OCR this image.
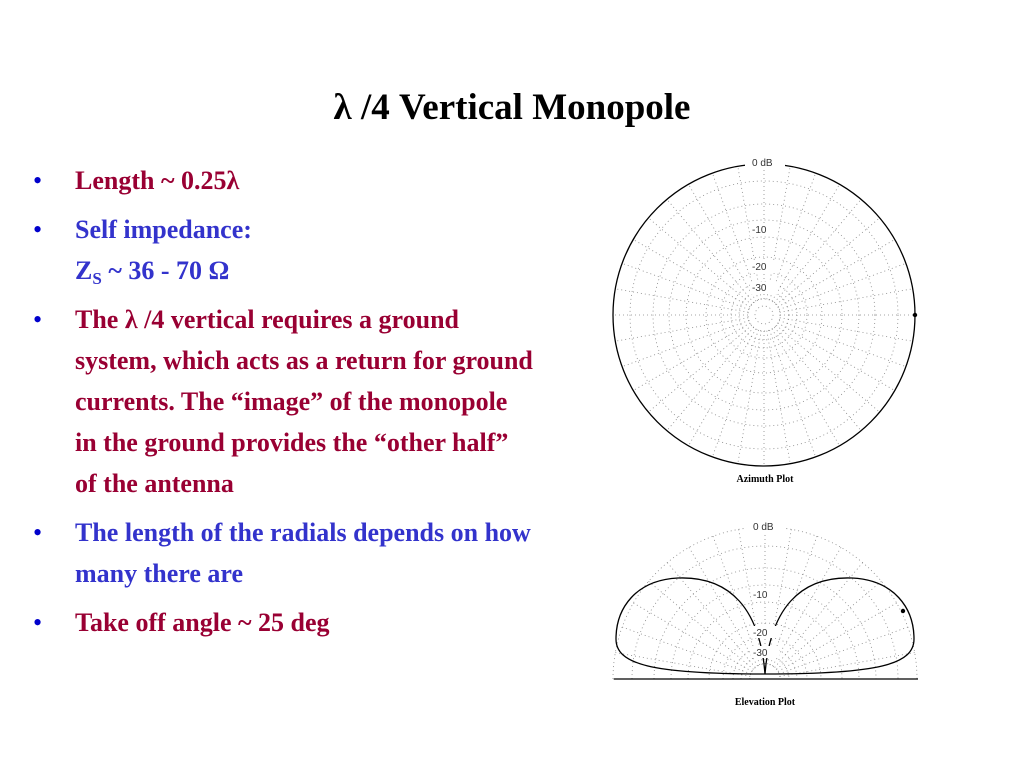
λ /4 Vertical Monopole
• Length ~ 0.25λ
• Self impedance:
$Z_S$ ~ 36 - 70 Ω
• The λ /4 vertical requires a ground system, which acts as a return for ground currents. The “image” of the monopole in the ground provides the “other half” of the antenna
• The length of the radials depends on how many there are
• Take off angle ~ 25 deg
0 dB
-10
-20
-30
Azimuth Plot
0 dB
-10
-20
-30
Elevation Plot
